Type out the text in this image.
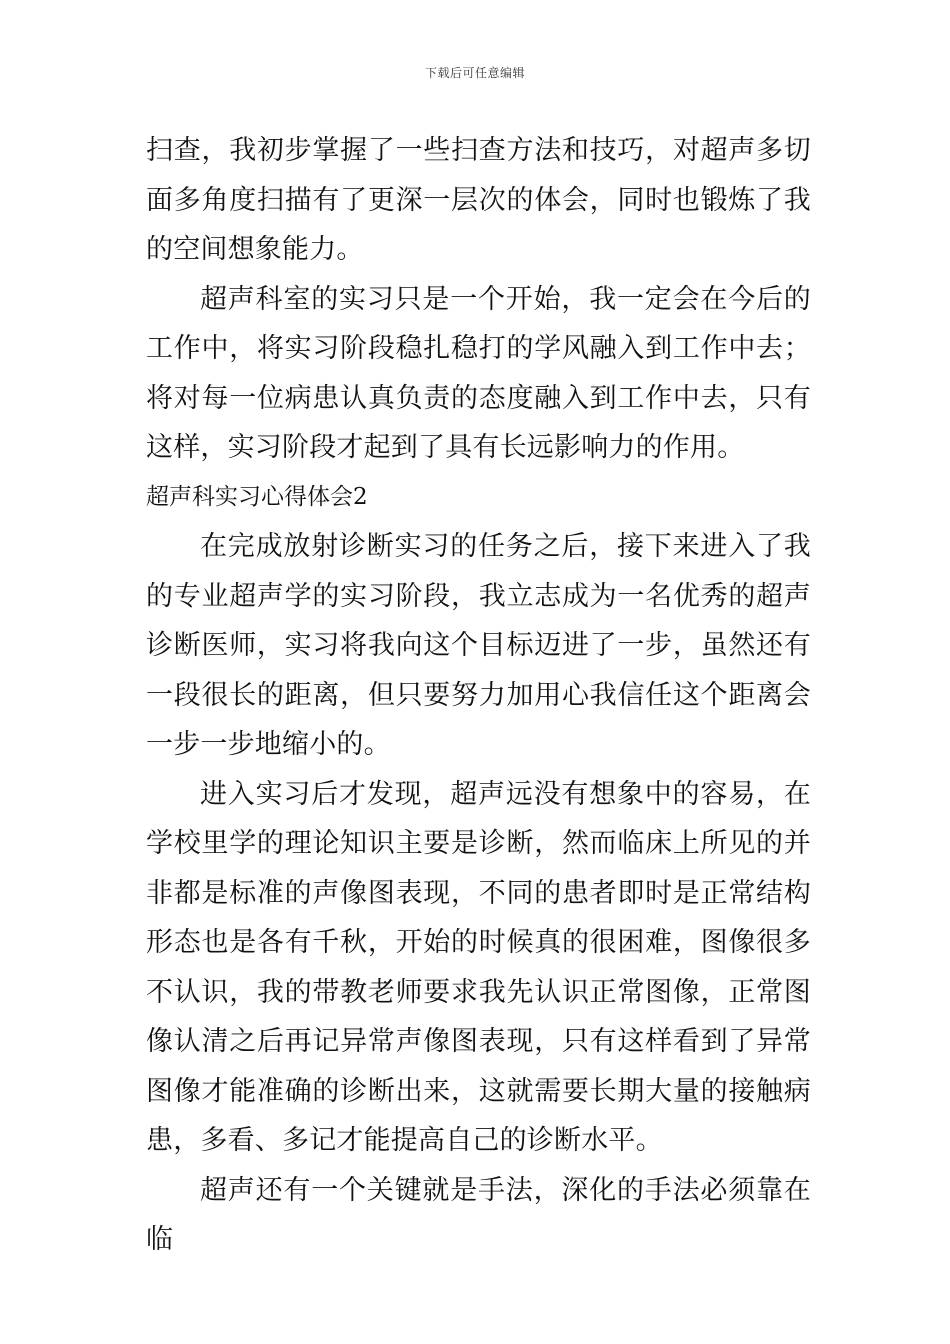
下载后可任意编辑

扫查，我初步掌握了一些扫查方法和技巧，对超声多切面多角度扫描有了更深一层次的体会，同时也锻炼了我的空间想象能力。

超声科室的实习只是一个开始，我一定会在今后的工作中，将实习阶段稳扎稳打的学风融入到工作中去；将对每一位病患认真负责的态度融入到工作中去，只有这样，实习阶段才起到了具有长远影响力的作用。

超声科实习心得体会2

在完成放射诊断实习的任务之后，接下来进入了我的专业超声学的实习阶段，我立志成为一名优秀的超声诊断医师，实习将我向这个目标迈进了一步，虽然还有一段很长的距离，但只要努力加用心我信任这个距离会一步一步地缩小的。

进入实习后才发现，超声远没有想象中的容易，在学校里学的理论知识主要是诊断，然而临床上所见的并非都是标准的声像图表现，不同的患者即时是正常结构形态也是各有千秋，开始的时候真的很困难，图像很多不认识，我的带教老师要求我先认识正常图像，正常图像认清之后再记异常声像图表现，只有这样看到了异常图像才能准确的诊断出来，这就需要长期大量的接触病患，多看、多记才能提高自己的诊断水平。

超声还有一个关键就是手法，深化的手法必须靠在临
